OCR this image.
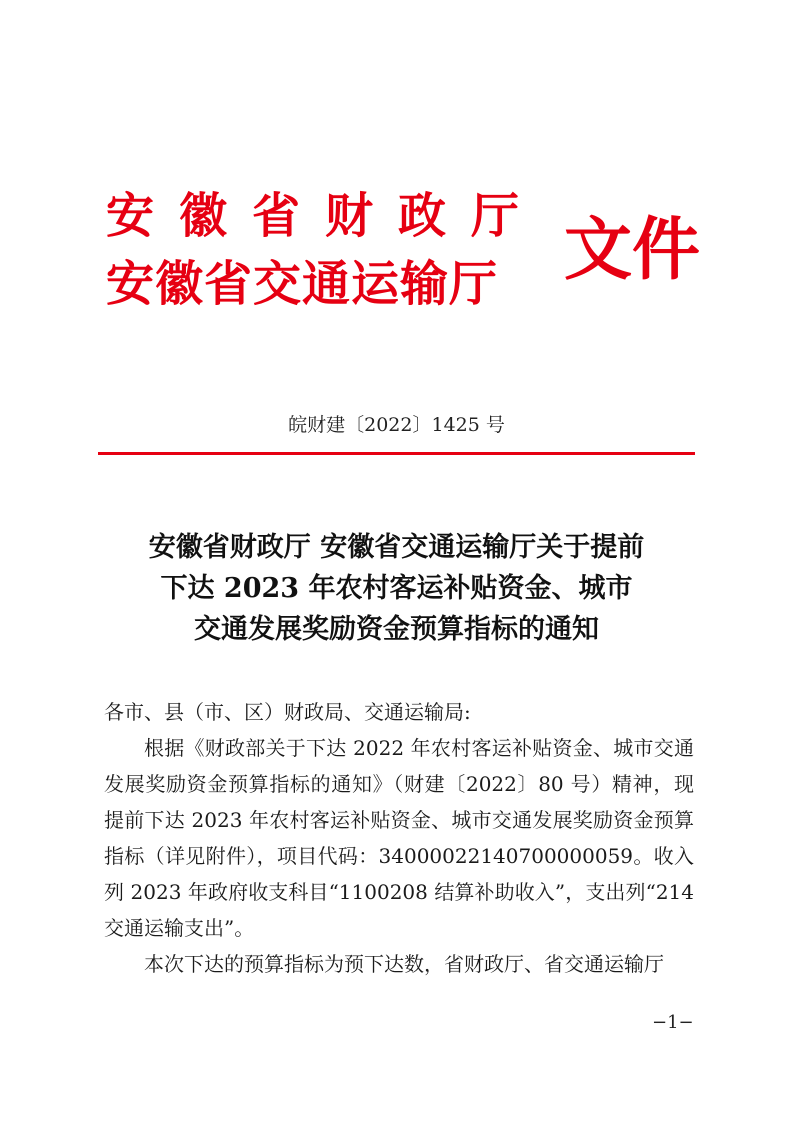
安徽省财政厅
安徽省交通运输厅 文件
皖财建〔2022〕1425 号
安徽省财政厅 安徽省交通运输厅关于提前
下达 2023 年农村客运补贴资金、城市
交通发展奖励资金预算指标的通知

各市、县（市、区）财政局、交通运输局:

根据《财政部关于下达 2022 年农村客运补贴资金、城市交通发展奖励资金预算指标的通知》（财建〔2022〕80 号）精神，现提前下达 2023 年农村客运补贴资金、城市交通发展奖励资金预算指标（详见附件），项目代码：34000022140700000059。收入列 2023 年政府收支科目“1100208 结算补助收入”，支出列“214 交通运输支出”。

本次下达的预算指标为预下达数，省财政厅、省交通运输厅

−1−
